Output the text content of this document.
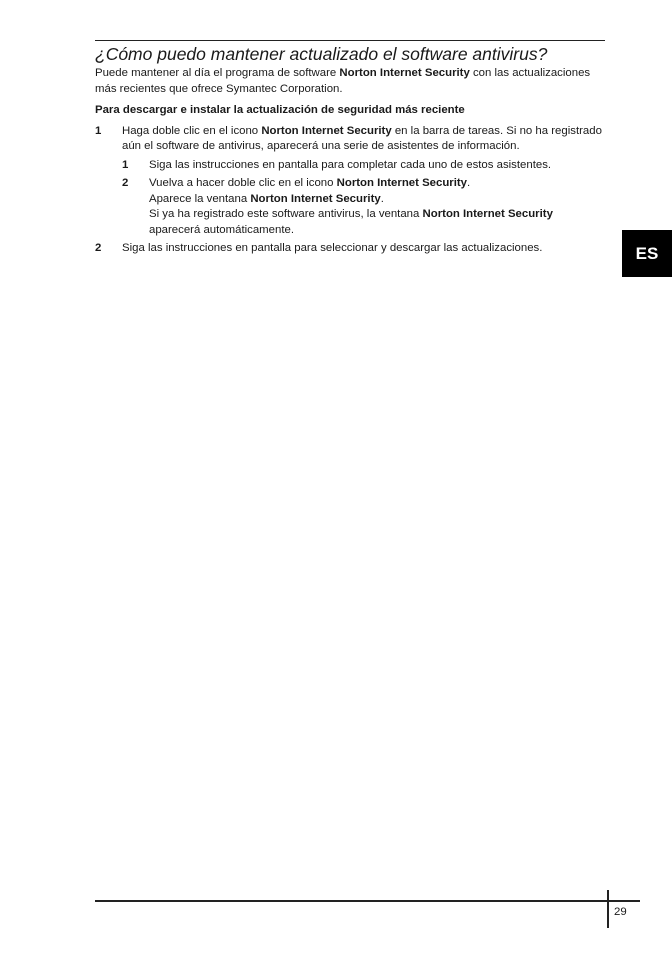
¿Cómo puedo mantener actualizado el software antivirus?

Puede mantener al día el programa de software Norton Internet Security con las actualizaciones más recientes que ofrece Symantec Corporation.

Para descargar e instalar la actualización de seguridad más reciente

1	Haga doble clic en el icono Norton Internet Security en la barra de tareas. Si no ha registrado aún el software de antivirus, aparecerá una serie de asistentes de información.
1	Siga las instrucciones en pantalla para completar cada uno de estos asistentes.
2	Vuelva a hacer doble clic en el icono Norton Internet Security.
Aparece la ventana Norton Internet Security.
Si ya ha registrado este software antivirus, la ventana Norton Internet Security aparecerá automáticamente.
2	Siga las instrucciones en pantalla para seleccionar y descargar las actualizaciones.	ES
29
